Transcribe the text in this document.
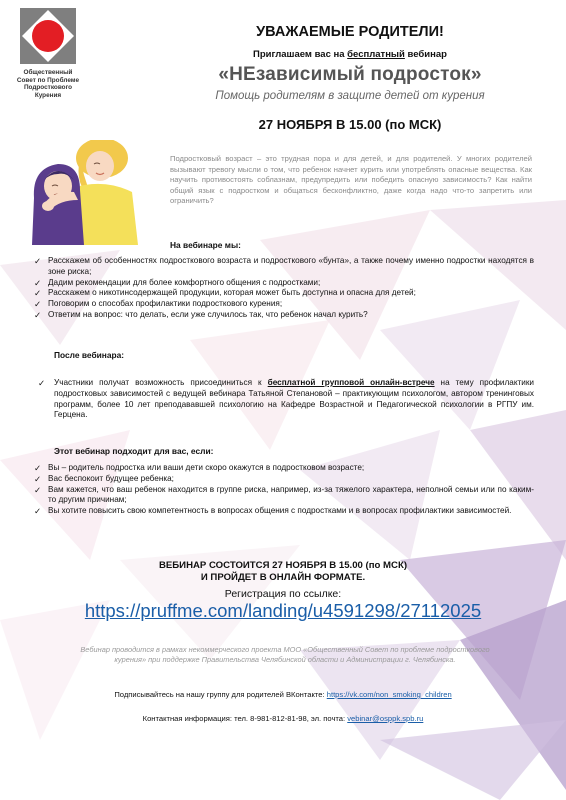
Общественный
Совет по Проблеме
Подросткового
Курения
УВАЖАЕМЫЕ РОДИТЕЛИ!
Приглашаем вас на бесплатный вебинар
«НЕзависимый подросток»
Помощь родителям в защите детей от курения
27 НОЯБРЯ В 15.00 (по МСК)
Подростковый возраст – это трудная пора и для детей, и для родителей. У многих родителей вызывают тревогу мысли о том, что ребенок начнет курить или употреблять опасные вещества. Как научить противостоять соблазнам, предупредить или победить опасную зависимость? Как найти общий язык с подростком и общаться бесконфликтно, даже когда надо что-то запретить или ограничить?
На вебинаре мы:
✓ Расскажем об особенностях подросткового возраста и подросткового «бунта», а также почему именно подростки находятся в зоне риска;
✓ Дадим рекомендации для более комфортного общения с подростками;
✓ Расскажем о никотинсодержащей продукции, которая может быть доступна и опасна для детей;
✓ Поговорим о способах профилактики подросткового курения;
✓ Ответим на вопрос: что делать, если уже случилось так, что ребенок начал курить?
После вебинара:
✓	Участники получат возможность присоединиться к бесплатной групповой онлайн-встрече на тему профилактики подростковых зависимостей с ведущей вебинара Татьяной Степановой – практикующим психологом, автором тренинговых программ, более 10 лет преподававшей психологию на Кафедре Возрастной и Педагогической психологии в РГПУ им. Герцена.
Этот вебинар подходит для вас, если:
✓ Вы – родитель подростка или ваши дети скоро окажутся в подростковом возрасте;
✓ Вас беспокоит будущее ребенка;
✓ Вам кажется, что ваш ребенок находится в группе риска, например, из-за тяжелого характера, неполной семьи или по каким-то другим причинам;
✓ Вы хотите повысить свою компетентность в вопросах общения с подростками и в вопросах профилактики зависимостей.
ВЕБИНАР СОСТОИТСЯ 27 НОЯБРЯ В 15.00 (по МСК)
И ПРОЙДЕТ В ОНЛАЙН ФОРМАТЕ.
Регистрация по ссылке:
https://pruffme.com/landing/u4591298/27112025
Вебинар проводится в рамках некоммерческого проекта МОО «Общественный Совет по проблеме подросткового курения» при поддержке Правительства Челябинской области и Администрации г. Челябинска.
Подписывайтесь на нашу группу для родителей ВКонтакте: https://vk.com/non_smoking_children
Контактная информация: тел. 8-981-812-81-98, эл. почта: vebinar@osppk.spb.ru
